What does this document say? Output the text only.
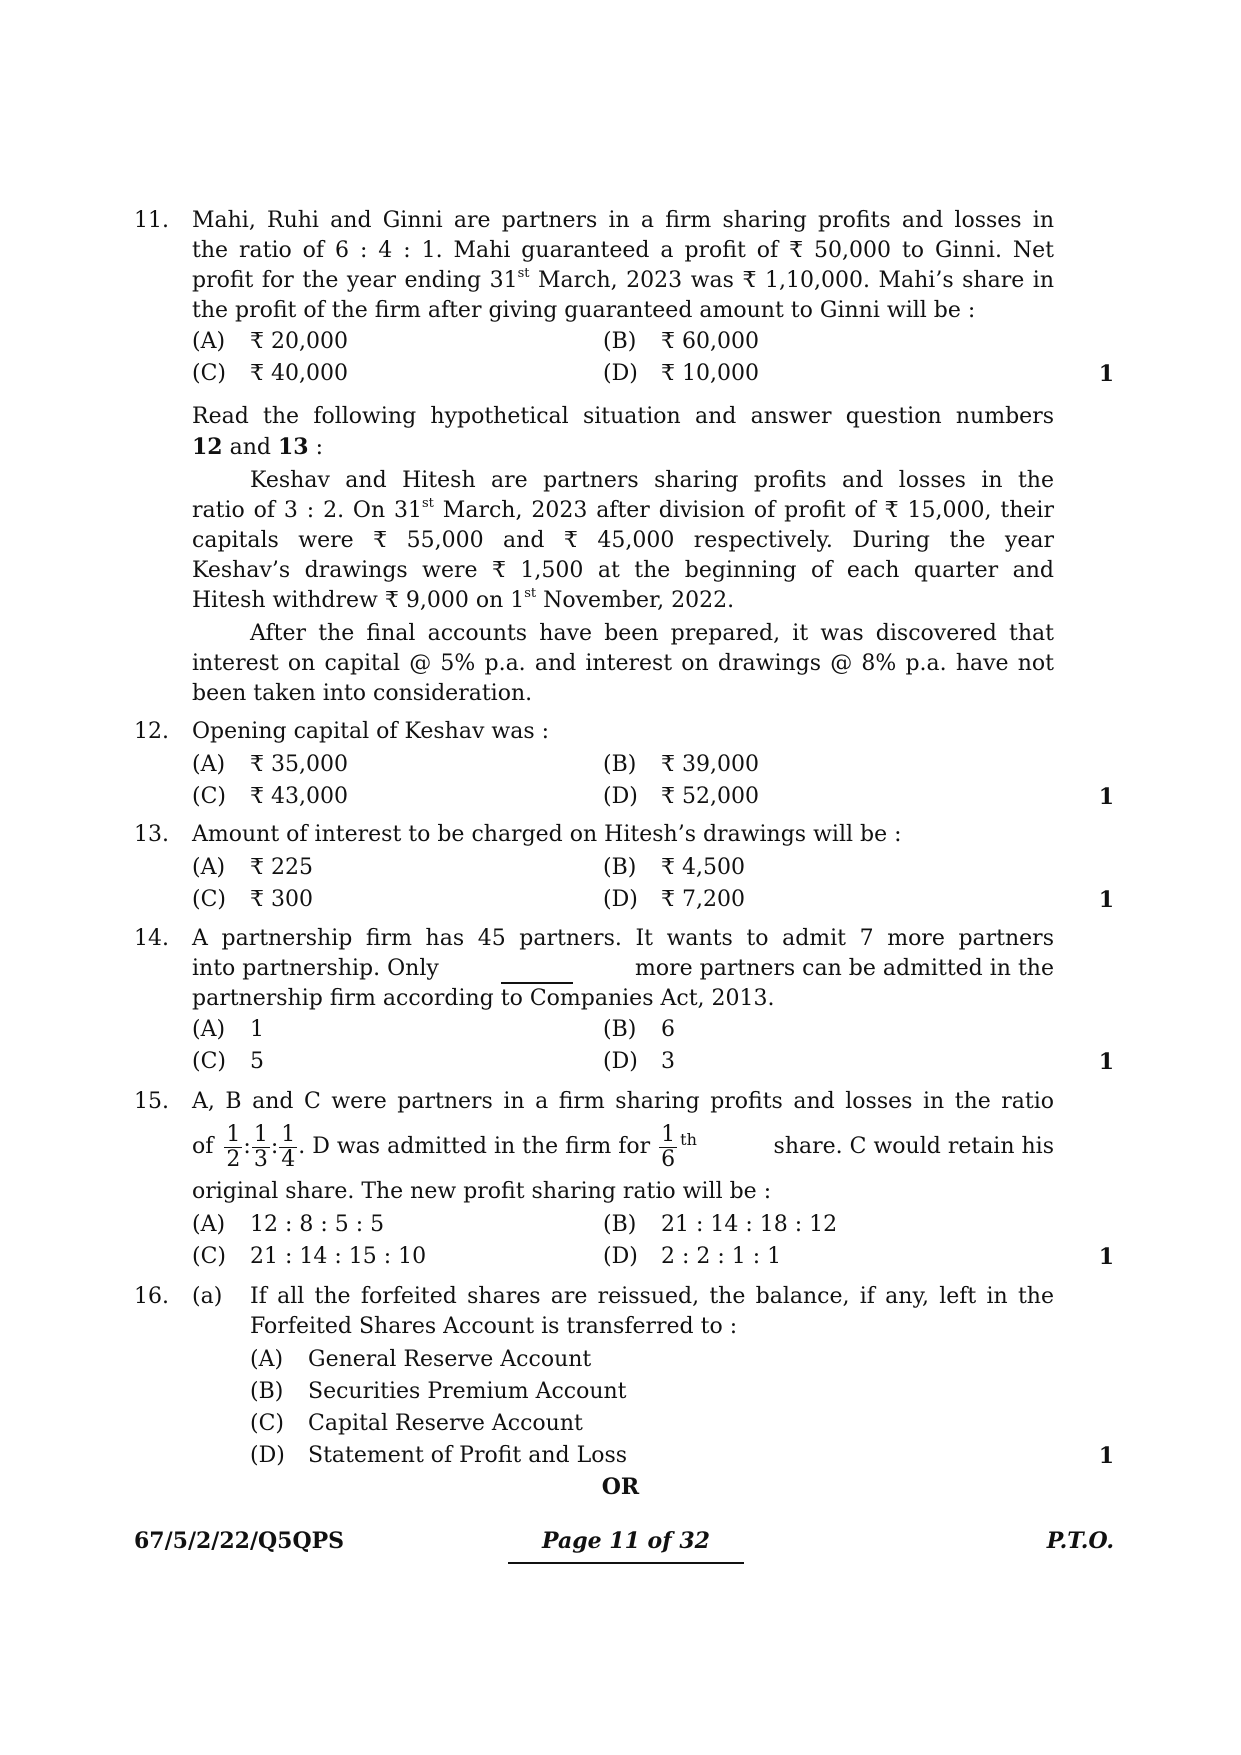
11. Mahi, Ruhi and Ginni are partners in a firm sharing profits and losses in
the ratio of 6 : 4 : 1. Mahi guaranteed a profit of ₹ 50,000 to Ginni. Net
profit for the year ending 31st March, 2023 was ₹ 1,10,000. Mahi’s share in
the profit of the firm after giving guaranteed amount to Ginni will be :
(A) ₹ 20,000	(B) ₹ 60,000
(C) ₹ 40,000	(D) ₹ 10,000	1
Read the following hypothetical situation and answer question numbers
12 and 13 :
Keshav and Hitesh are partners sharing profits and losses in the
ratio of 3 : 2. On 31st March, 2023 after division of profit of ₹ 15,000, their
capitals were ₹ 55,000 and ₹ 45,000 respectively. During the year
Keshav’s drawings were ₹ 1,500 at the beginning of each quarter and
Hitesh withdrew ₹ 9,000 on 1st November, 2022.
After the final accounts have been prepared, it was discovered that
interest on capital @ 5% p.a. and interest on drawings @ 8% p.a. have not
been taken into consideration.
12. Opening capital of Keshav was :
(A) ₹ 35,000	(B) ₹ 39,000
(C) ₹ 43,000	(D) ₹ 52,000	1
13. Amount of interest to be charged on Hitesh’s drawings will be :
(A) ₹ 225	(B) ₹ 4,500
(C) ₹ 300	(D) ₹ 7,200	1
14. A partnership firm has 45 partners. It wants to admit 7 more partners
into partnership. Only	more partners can be admitted in the
partnership firm according to Companies Act, 2013.
(A) 1	(B) 6
(C) 5	(D) 3	1
15. A, B and C were partners in a firm sharing profits and losses in the ratio
of $\frac{1}{2}$ : $\frac{1}{3}$ : $\frac{1}{4}$ . D was admitted in the firm for $\frac{1}{6}$ th	share. C would retain his
original share. The new profit sharing ratio will be :
(A) 12 : 8 : 5 : 5	(B) 21 : 14 : 18 : 12
(C) 21 : 14 : 15 : 10	(D) 2 : 2 : 1 : 1	1
16. (a) If all the forfeited shares are reissued, the balance, if any, left in the
Forfeited Shares Account is transferred to :
(A) General Reserve Account
(B) Securities Premium Account
(C) Capital Reserve Account
(D) Statement of Profit and Loss	1
OR
67/5/2/22/Q5QPS	Page 11 of 32	P.T.O.
